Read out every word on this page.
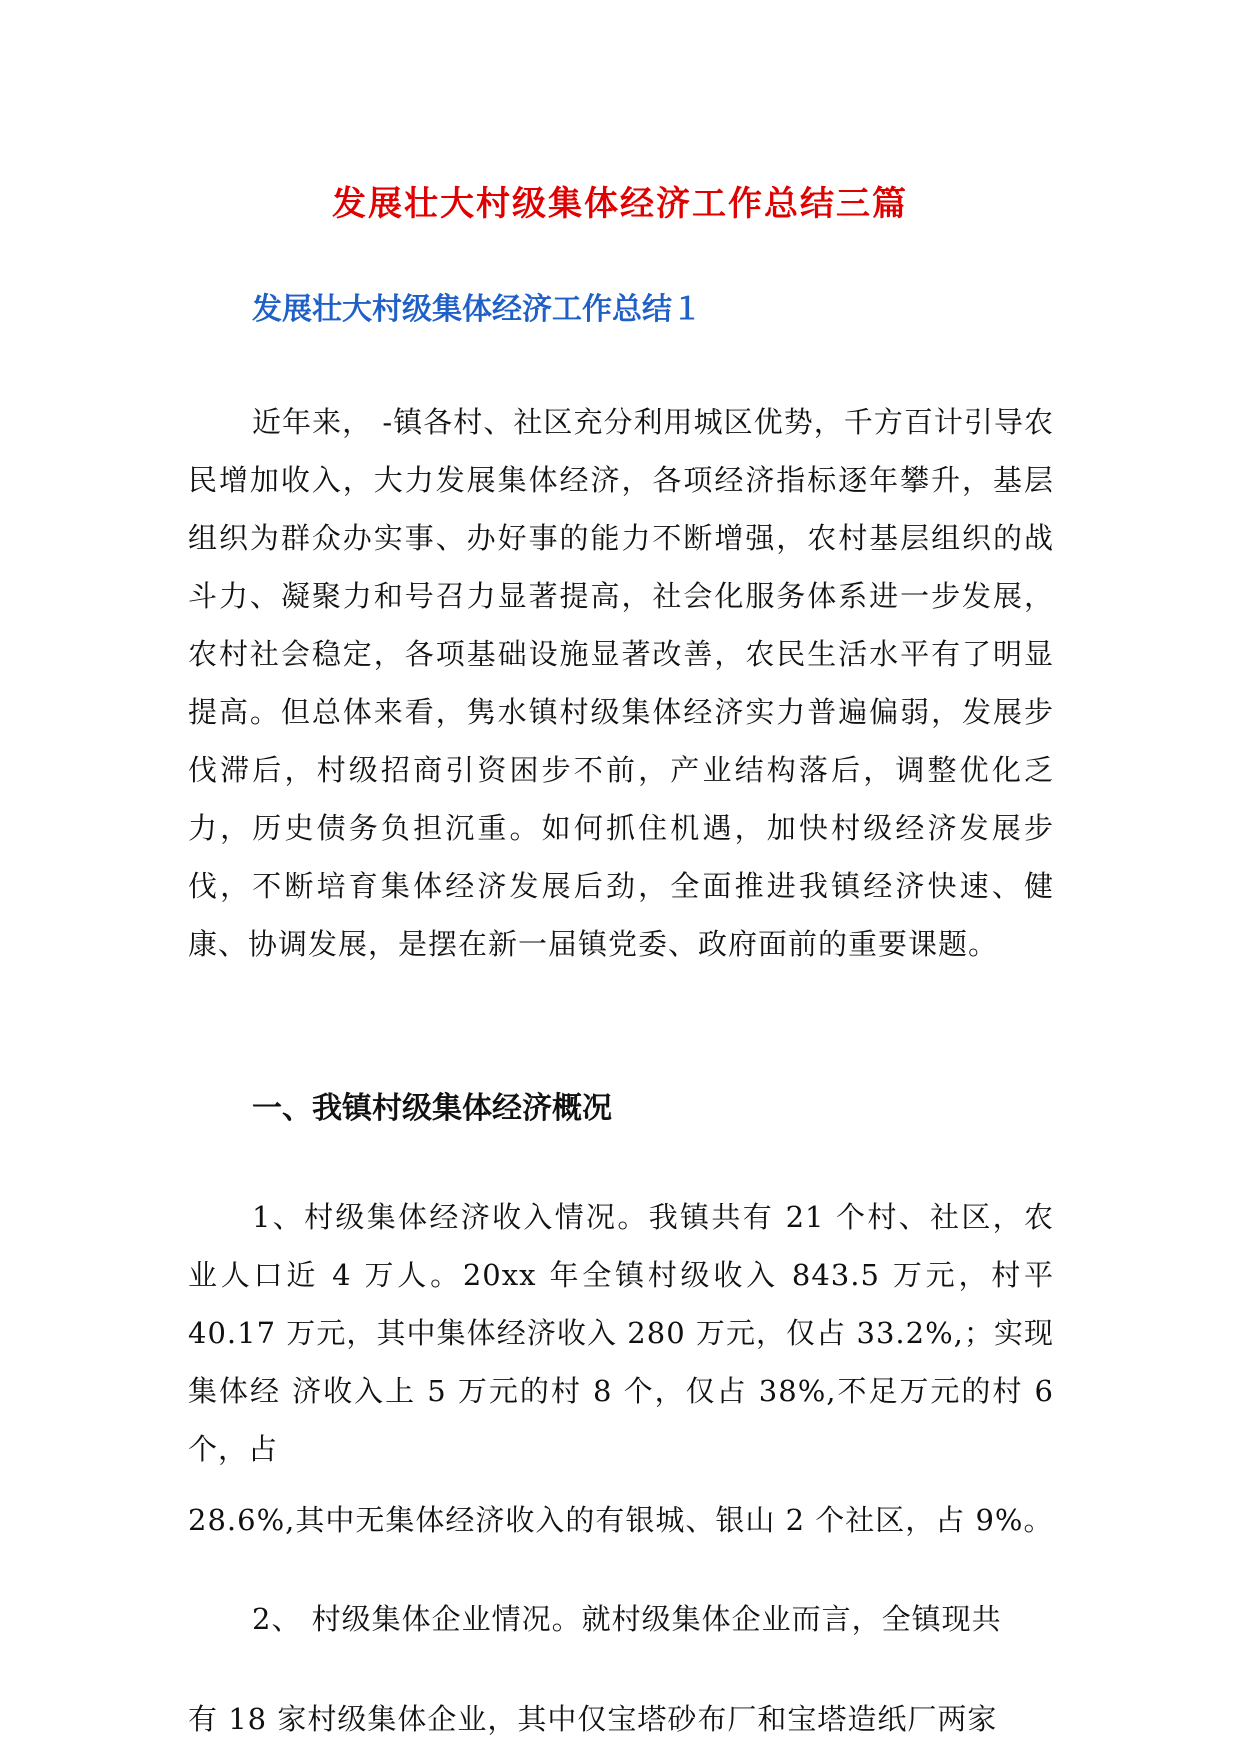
发展壮大村级集体经济工作总结三篇
发展壮大村级集体经济工作总结１

近年来， -镇各村、社区充分利用城区优势，千方百计引导农民增加收入，大力发展集体经济，各项经济指标逐年攀升，基层组织为群众办实事、办好事的能力不断增强，农村基层组织的战斗力、凝聚力和号召力显著提高，社会化服务体系进一步发展，农村社会稳定，各项基础设施显著改善，农民生活水平有了明显提高。但总体来看，隽水镇村级集体经济实力普遍偏弱，发展步伐滞后，村级招商引资困步不前，产业结构落后，调整优化乏力，历史债务负担沉重。如何抓住机遇，加快村级经济发展步伐，不断培育集体经济发展后劲，全面推进我镇经济快速、健康、协调发展，是摆在新一届镇党委、政府面前的重要课题。

一、我镇村级集体经济概况

1、村级集体经济收入情况。我镇共有 21 个村、社区，农 业人口近 4 万人。20xx 年全镇村级收入 843.5 万元，村平 40.17 万元，其中集体经济收入 280 万元，仅占 33.2%,；实现集体经 济收入上 5 万元的村 8 个，仅占 38%,不足万元的村 6 个，占

28.6%,其中无集体经济收入的有银城、银山 2 个社区，占 9%。

2、 村级集体企业情况。就村级集体企业而言，全镇现共

有 18 家村级集体企业，其中仅宝塔砂布厂和宝塔造纸厂两家
